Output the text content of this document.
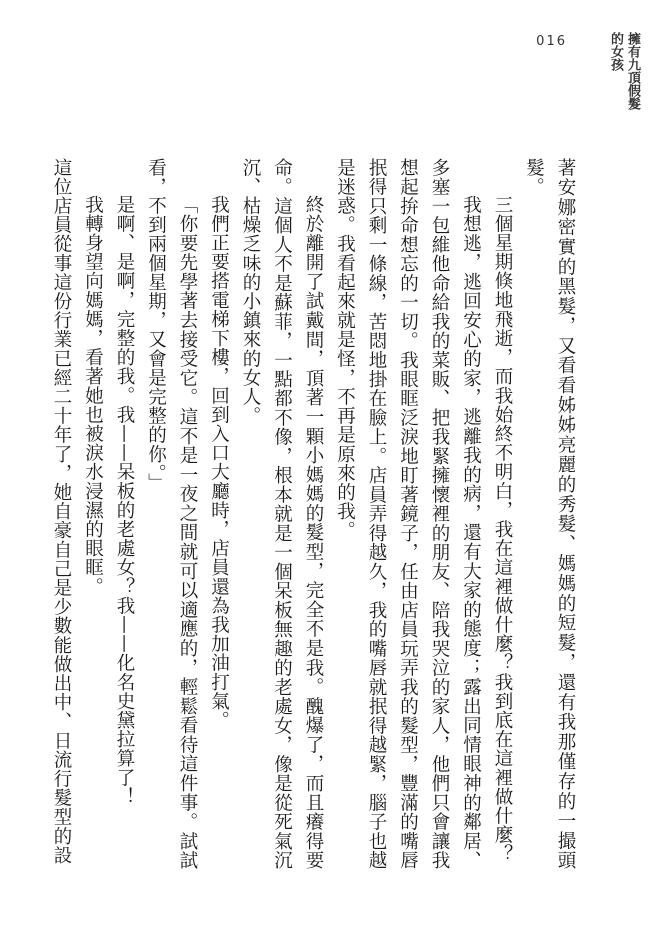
016	擁有九頂假髮
的女孩

著安娜密實的黑髮，又看看姊姊亮麗的秀髮、媽媽的短髮，還有我那僅存的一撮頭髮。

三個星期倏地飛逝，而我始終不明白，我在這裡做什麼？我到底在這裡做什麼？

我想逃，逃回安心的家，逃離我的病，還有大家的態度；露出同情眼神的鄰居、多塞一包維他命給我的菜販、把我緊擁懷裡的朋友、陪我哭泣的家人，他們只會讓我想起拚命想忘的一切。我眼眶泛淚地盯著鏡子，任由店員玩弄我的髮型，豐滿的嘴唇抿得只剩一條線，苦悶地掛在臉上。店員弄得越久，我的嘴唇就抿得越緊，腦子也越是迷惑。我看起來就是怪，不再是原來的我。

終於離開了試戴間，頂著一顆小媽媽的髮型，完全不是我。醜爆了，而且癢得要命。這個人不是蘇菲，一點都不像，根本就是一個呆板無趣的老處女，像是從死氣沉沉、枯燥乏味的小鎮來的女人。

我們正要搭電梯下樓，回到入口大廳時，店員還為我加油打氣。

「你要先學著去接受它。這不是一夜之間就可以適應的，輕鬆看待這件事。試試看，不到兩個星期，又會是完整的你。」

是啊、是啊，完整的我。我——呆板的老處女？我——化名史黛拉算了！

我轉身望向媽媽，看著她也被淚水浸濕的眼眶。

這位店員從事這份行業已經二十年了，她自豪自己是少數能做出中、日流行髮型的設
